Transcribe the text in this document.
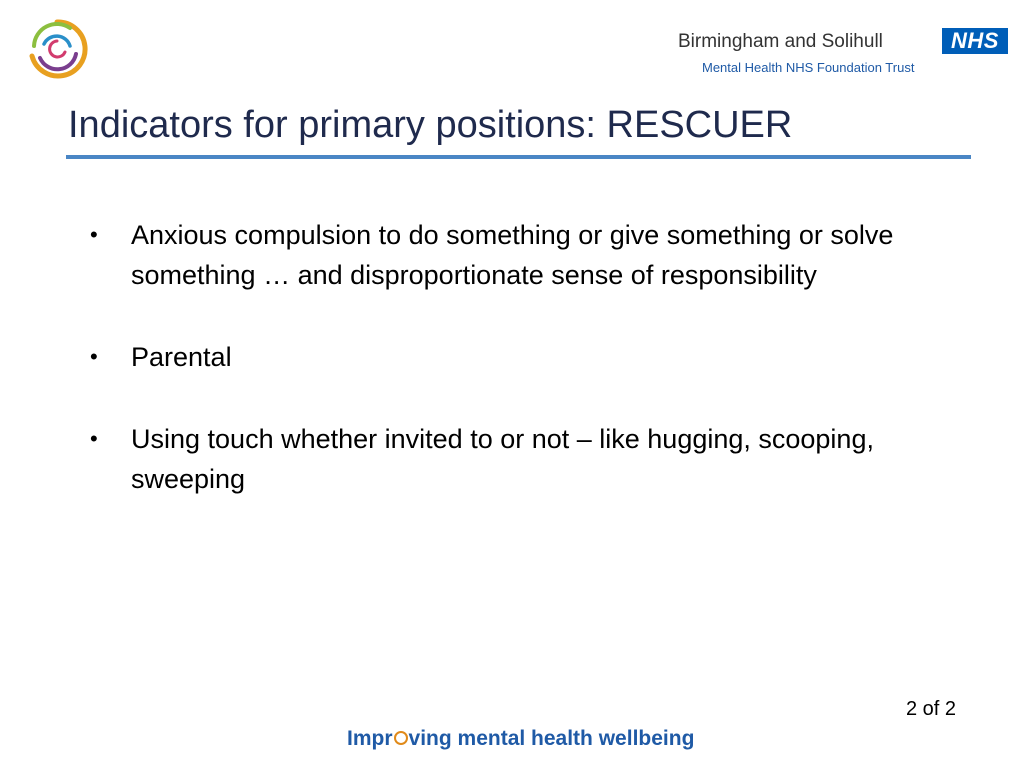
Birmingham and Solihull	NHS
Mental Health NHS Foundation Trust
Indicators for primary positions: RESCUER
• Anxious compulsion to do something or give something or solve something … and disproportionate sense of responsibility
• Parental
• Using touch whether invited to or not – like hugging, scooping, sweeping
2 of 2
Impr ving mental health wellbeing
